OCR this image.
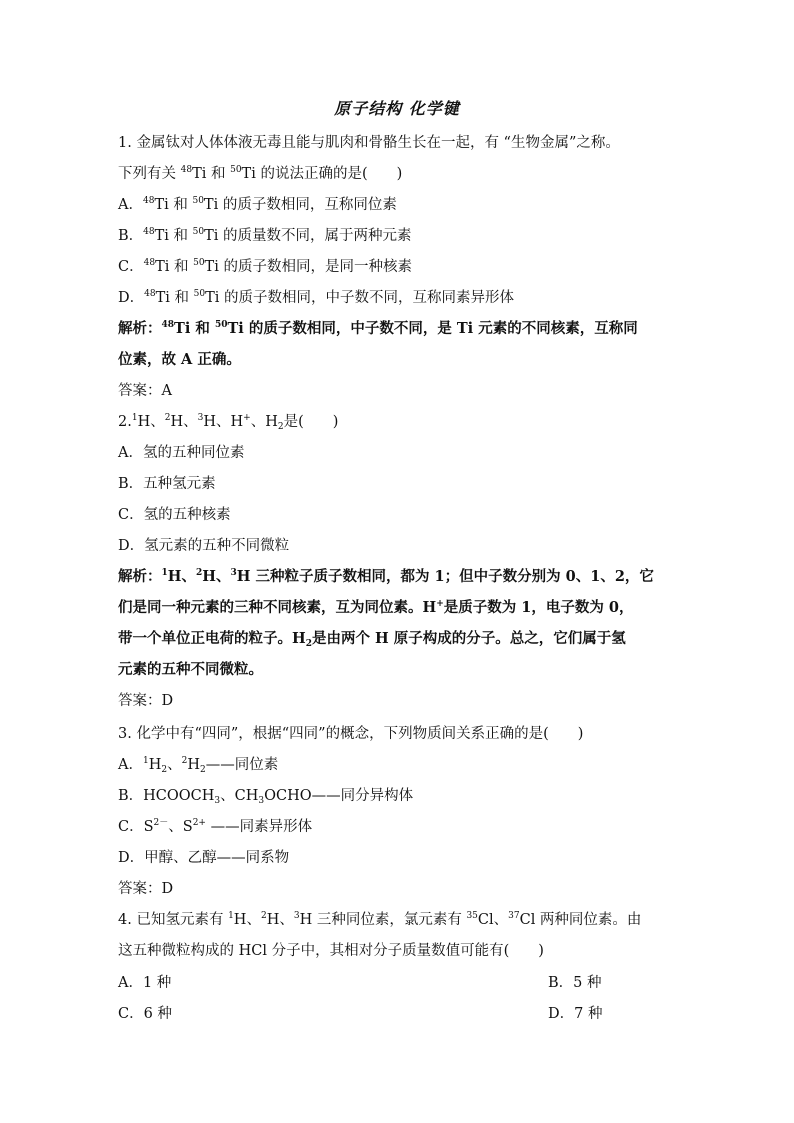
原子结构 化学键
1. 金属钛对人体体液无毒且能与肌肉和骨骼生长在一起，有 “生物金属”之称。
下列有关 $^{48}$Ti 和 $^{50}$Ti 的说法正确的是(　　)
A．$^{48}$Ti 和 $^{50}$Ti 的质子数相同，互称同位素
B．$^{48}$Ti 和 $^{50}$Ti 的质量数不同，属于两种元素
C．$^{48}$Ti 和 $^{50}$Ti 的质子数相同，是同一种核素
D．$^{48}$Ti 和 $^{50}$Ti 的质子数相同，中子数不同，互称同素异形体
解析：$^{48}$Ti 和 $^{50}$Ti 的质子数相同，中子数不同，是 Ti 元素的不同核素，互称同
位素，故 A 正确。
答案：A
2.$^1$H、$^2$H、$^3$H、H+、$H_2$是(　　)
A．氢的五种同位素
B．五种氢元素
C．氢的五种核素
D．氢元素的五种不同微粒
解析：$^1$H、$^2$H、$^3$H 三种粒子质子数相同，都为 1；但中子数分别为 0、1、2，它
们是同一种元素的三种不同核素，互为同位素。H+是质子数为 1，电子数为 0，
带一个单位正电荷的粒子。$H_2$是由两个 H 原子构成的分子。总之，它们属于氢
元素的五种不同微粒。
答案：D
3. 化学中有“四同”，根据“四同”的概念，下列物质间关系正确的是(　　)
A．$^1H_2$、$^2H_2——$同位素
B．$HCOOCH_3$、$CH_3OCHO——$同分异构体
C．$S^{2-}$、$S^{2+}$ ——同素异形体
D．甲醇、乙醇——同系物
答案：D
4. 已知氢元素有 $^1$H、$^2$H、$^3$H 三种同位素，氯元素有 $^{35}$Cl、$^{37}$Cl 两种同位素。由
这五种微粒构成的 HCl 分子中，其相对分子质量数值可能有(　　)
A．1 种	B．5 种
C．6 种	D．7 种
